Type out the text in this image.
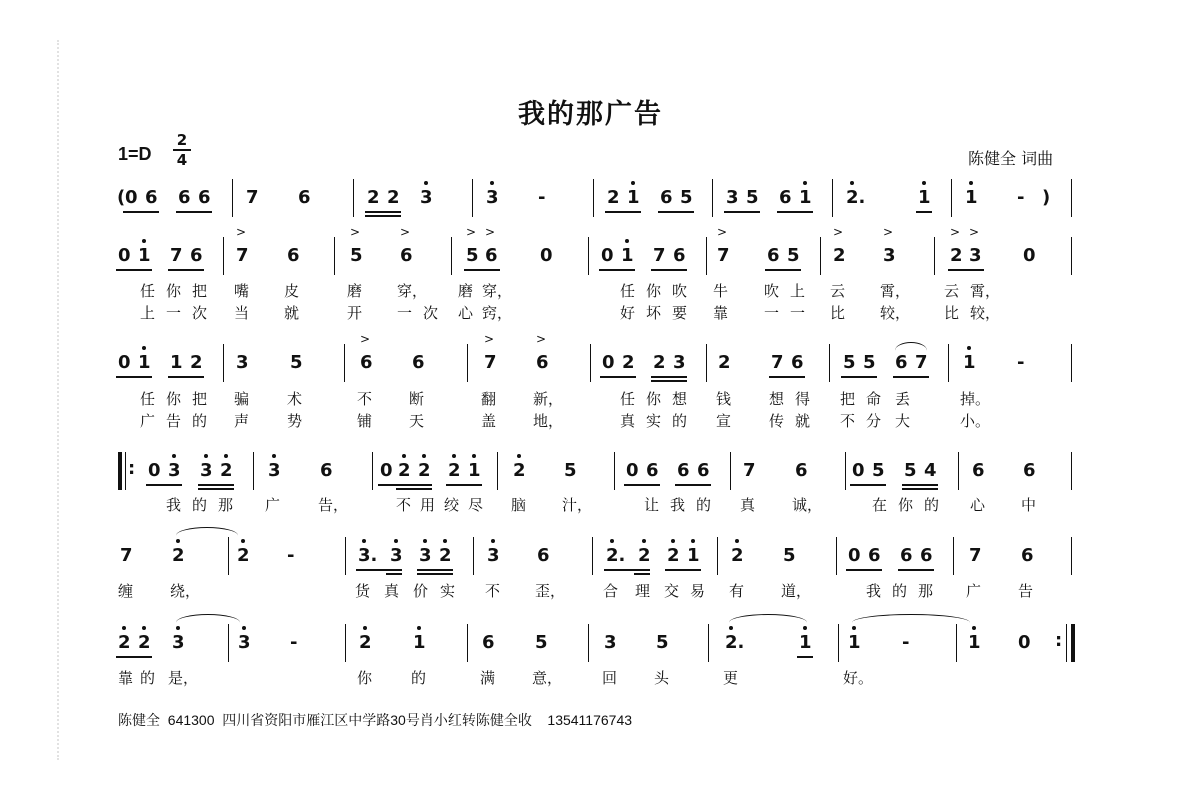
我的那广告
1=D
2
4	陈健全 词曲
( 0 6 6 6 7 6	2 2 3	3 -	2 1 6 5 3 5 6 1 2.	1 1 - )
0 1 7 6
>
7 6
>
5
>
6
> >
5 6 0	0 1 7 6
>
7 6 5
>
2
>
3
> >
2 3 0
任 你 把 嘴 皮	磨 穿， 磨 穿，	任 你 吹 牛 吹 上 云 霄， 云 霄，
上 一 次 当 就	开 一 次 心 窍，	好 坏 要 靠 一 一 比 较， 比 较，
0 1 1 2 3 5
>
6 6
>
7
>
6	0 2 2 3 2 7 6 5 5 6 7 1 -
任 你 把 骗	术	不 断	翻 新，	任 你 想 钱	想 得 把 命 丢	掉。
广 告 的 声	势	铺 天	盖 地，	真 实 的 宣	传 就 不 分 大	小。
: 0 3 3 2 3 6	0 2 2 2 1 2 5	0 6 6 6 7 6 0 5 5 4 6 6
我 的 那 广	告，	不 用 绞 尽 脑 汁，	让 我 的 真 诚，	在 你 的 心 中
7 2	2 -	3. 3 3 2 3 6	2. 2 2 1 2 5	0 6 6 6 7 6
缠 绕，	货 真 价 实 不 歪，	合 理 交 易 有 道，	我 的 那 广 告
2 2 3	3 -	2 1	6 5	3 5	2.	1 1 -	1 0 :
靠 的 是，	你	的	满 意，	回 头	更	好。
陈健全  641300  四川省资阳市雁江区中学路30号肖小红转陈健全收    13541176743
